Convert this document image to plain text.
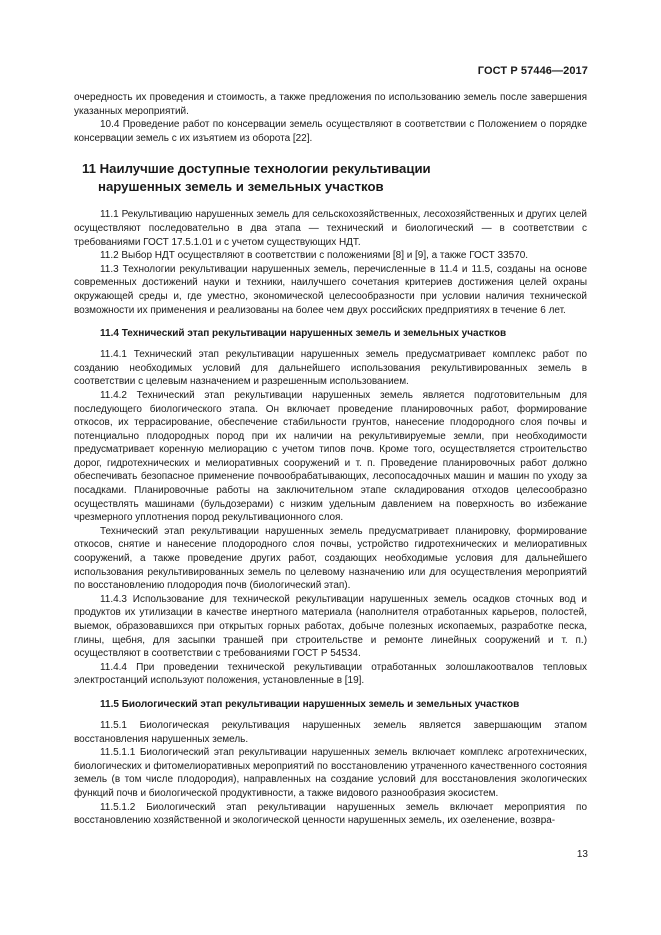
ГОСТ Р 57446—2017

очередность их проведения и стоимость, а также предложения по использованию земель после завершения указанных мероприятий.

10.4 Проведение работ по консервации земель осуществляют в соответствии с Положением о порядке консервации земель с их изъятием из оборота [22].

11 Наилучшие доступные технологии рекультивации
нарушенных земель и земельных участков

11.1 Рекультивацию нарушенных земель для сельскохозяйственных, лесохозяйственных и других целей осуществляют последовательно в два этапа — технический и биологический — в соответствии с требованиями ГОСТ 17.5.1.01 и с учетом существующих НДТ.

11.2 Выбор НДТ осуществляют в соответствии с положениями [8] и [9], а также ГОСТ 33570.

11.3 Технологии рекультивации нарушенных земель, перечисленные в 11.4 и 11.5, созданы на основе современных достижений науки и техники, наилучшего сочетания критериев достижения целей охраны окружающей среды и, где уместно, экономической целесообразности при условии наличия технической возможности их применения и реализованы на более чем двух российских предприятиях в течение 6 лет.

11.4 Технический этап рекультивации нарушенных земель и земельных участков

11.4.1 Технический этап рекультивации нарушенных земель предусматривает комплекс работ по созданию необходимых условий для дальнейшего использования рекультивированных земель в соответствии с целевым назначением и разрешенным использованием.

11.4.2 Технический этап рекультивации нарушенных земель является подготовительным для последующего биологического этапа. Он включает проведение планировочных работ, формирование откосов, их террасирование, обеспечение стабильности грунтов, нанесение плодородного слоя почвы и потенциально плодородных пород при их наличии на рекультивируемые земли, при необходимости предусматривает коренную мелиорацию с учетом типов почв. Кроме того, осуществляется строительство дорог, гидротехнических и мелиоративных сооружений и т. п. Проведение планировочных работ должно обеспечивать безопасное применение почвообрабатывающих, лесопосадочных машин и машин по уходу за посадками. Планировочные работы на заключительном этапе складирования отходов целесообразно осуществлять машинами (бульдозерами) с низким удельным давлением на поверхность во избежание чрезмерного уплотнения пород рекультивационного слоя.

Технический этап рекультивации нарушенных земель предусматривает планировку, формирование откосов, снятие и нанесение плодородного слоя почвы, устройство гидротехнических и мелиоративных сооружений, а также проведение других работ, создающих необходимые условия для дальнейшего использования рекультивированных земель по целевому назначению или для осуществления мероприятий по восстановлению плодородия почв (биологический этап).

11.4.3 Использование для технической рекультивации нарушенных земель осадков сточных вод и продуктов их утилизации в качестве инертного материала (наполнителя отработанных карьеров, полостей, выемок, образовавшихся при открытых горных работах, добыче полезных ископаемых, разработке песка, глины, щебня, для засыпки траншей при строительстве и ремонте линейных сооружений и т. п.) осуществляют в соответствии с требованиями ГОСТ Р 54534.

11.4.4 При проведении технической рекультивации отработанных золошлакоотвалов тепловых электростанций используют положения, установленные в [19].

11.5 Биологический этап рекультивации нарушенных земель и земельных участков

11.5.1 Биологическая рекультивация нарушенных земель является завершающим этапом восстановления нарушенных земель.

11.5.1.1 Биологический этап рекультивации нарушенных земель включает комплекс агротехнических, биологических и фитомелиоративных мероприятий по восстановлению утраченного качественного состояния земель (в том числе плодородия), направленных на создание условий для восстановления экологических функций почв и биологической продуктивности, а также видового разнообразия экосистем.

11.5.1.2 Биологический этап рекультивации нарушенных земель включает мероприятия по восстановлению хозяйственной и экологической ценности нарушенных земель, их озеленение, возвра-

13
